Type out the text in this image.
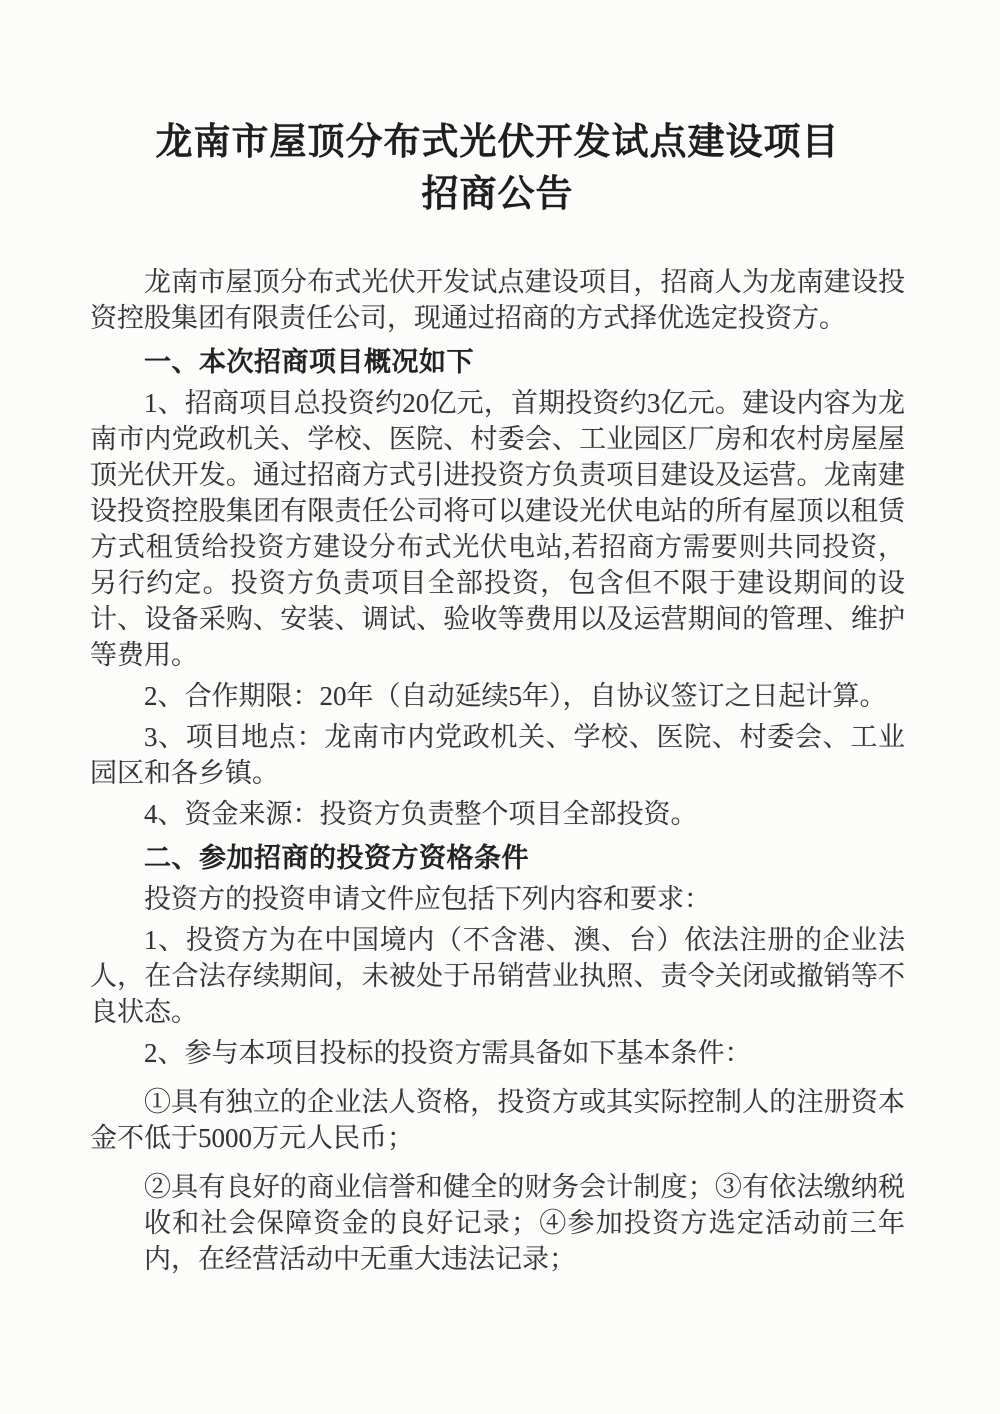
龙南市屋顶分布式光伏开发试点建设项目
招商公告

龙南市屋顶分布式光伏开发试点建设项目，招商人为龙南建设投资控股集团有限责任公司，现通过招商的方式择优选定投资方。

一、本次招商项目概况如下

1、招商项目总投资约20亿元，首期投资约3亿元。建设内容为龙南市内党政机关、学校、医院、村委会、工业园区厂房和农村房屋屋顶光伏开发。通过招商方式引进投资方负责项目建设及运营。龙南建设投资控股集团有限责任公司将可以建设光伏电站的所有屋顶以租赁方式租赁给投资方建设分布式光伏电站,若招商方需要则共同投资，另行约定。投资方负责项目全部投资，包含但不限于建设期间的设计、设备采购、安装、调试、验收等费用以及运营期间的管理、维护等费用。

2、合作期限：20年（自动延续5年），自协议签订之日起计算。

3、项目地点：龙南市内党政机关、学校、医院、村委会、工业园区和各乡镇。

4、资金来源：投资方负责整个项目全部投资。

二、参加招商的投资方资格条件

投资方的投资申请文件应包括下列内容和要求：

1、投资方为在中国境内（不含港、澳、台）依法注册的企业法人，在合法存续期间，未被处于吊销营业执照、责令关闭或撤销等不良状态。

2、参与本项目投标的投资方需具备如下基本条件：

①具有独立的企业法人资格，投资方或其实际控制人的注册资本金不低于5000万元人民币；

②具有良好的商业信誉和健全的财务会计制度；③有依法缴纳税收和社会保障资金的良好记录；④参加投资方选定活动前三年内，在经营活动中无重大违法记录；
